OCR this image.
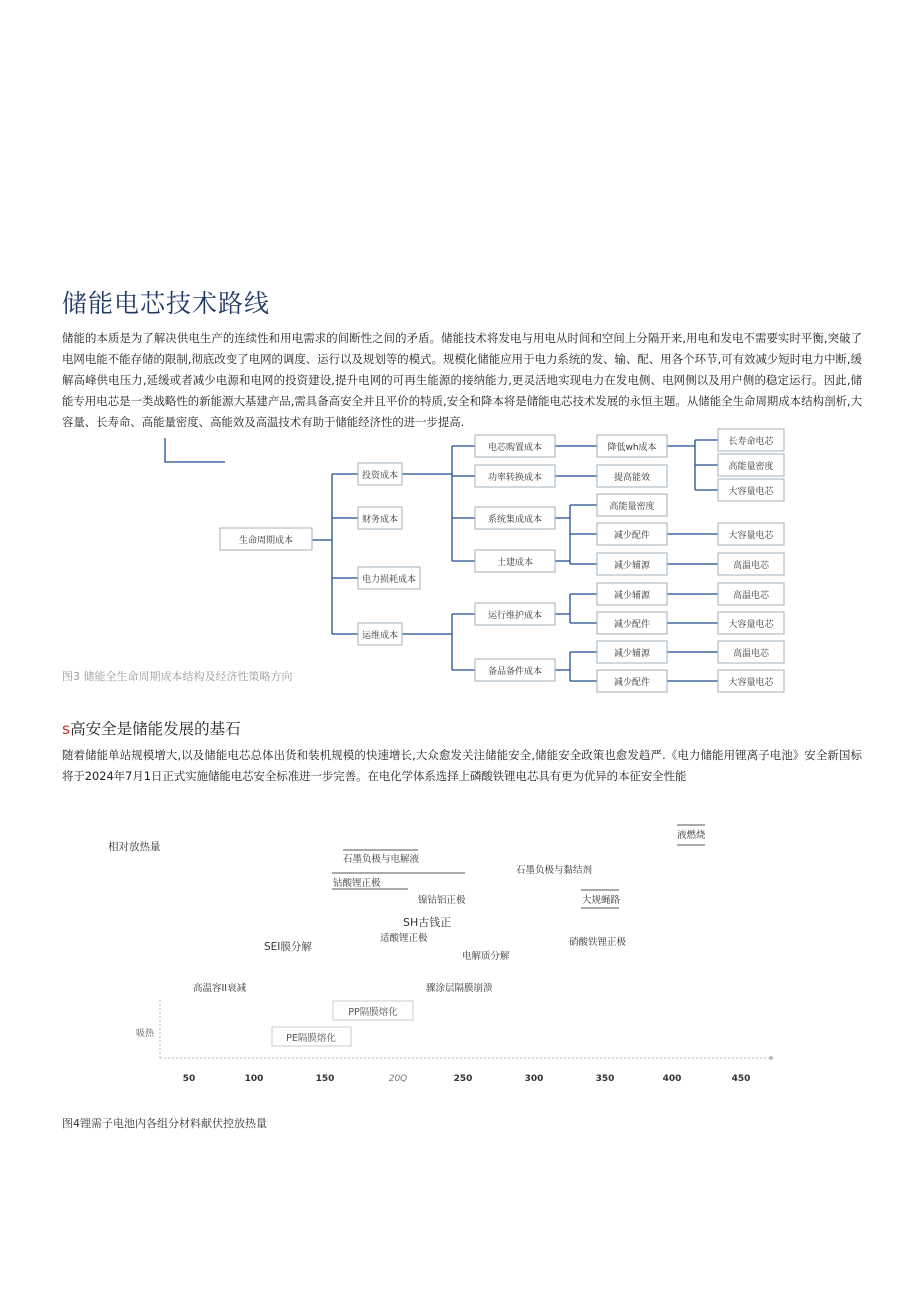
储能电芯技术路线
储能的本质是为了解决供电生产的连续性和用电需求的间断性之间的矛盾。储能技术将发电与用电从时间和空间上分隔开来,用电和发电不需要实时平衡,突破了电网电能不能存储的限制,彻底改变了电网的调度、运行以及规划等的模式。规模化储能应用于电力系统的发、输、配、用各个环节,可有效减少短时电力中断,缓解高峰供电压力,延缓或者减少电源和电网的投资建设,提升电网的可再生能源的接纳能力,更灵活地实现电力在发电侧、电网侧以及用户侧的稳定运行。因此,储能专用电芯是一类战略性的新能源大基建产品,需具备高安全并且平价的特质,安全和降本将是储能电芯技术发展的永恒主题。从储能全生命周期成本结构剖析,大容量、长寿命、高能量密度、高能效及高温技术有助于储能经济性的进一步提高.
生命周期成本
投资成本
财务成本
电力损耗成本
运维成本
电芯购置成本
功率转换成本
系统集成成本
土建成本
运行维护成本
备品备件成本
降低wh成本
提高能效
高能量密度
减少配件
减少辅源
减少辅源
减少配件
减少辅源
减少配件
长寿命电芯
高能量密度
大容量电芯
大容量电芯
高温电芯
高温电芯
大容量电芯
高温电芯
大容量电芯
图3 储能全生命周期成本结构及经济性策略方向
s高安全是储能发展的基石
随着储能单站规模增大,以及储能电芯总体出货和装机规模的快速增长,大众愈发关注储能安全,储能安全政策也愈发趋严.《电力储能用锂离子电池》安全新国标将于2024年7月1日正式实施储能电芯安全标准进一步完善。在电化学体系选择上磷酸铁锂电芯具有更为优异的本征安全性能
相对放热量
吸热
液燃烧
石墨负极与电解液
石墨负极与黏结剂
钴酸锂正极
镍钴铝正极	大规蝇路
SH古钱正
适酸锂正极
SEI膜分解	硝酸铁锂正极
电解质分解
高温容II衰减	骤涂层隔膜崩溃
PP隔膜熔化
PE隔膜熔化
50	100	150	20Q	250	300	350	400	450
图4锂需子电池内各组分材料献伏控放热量
